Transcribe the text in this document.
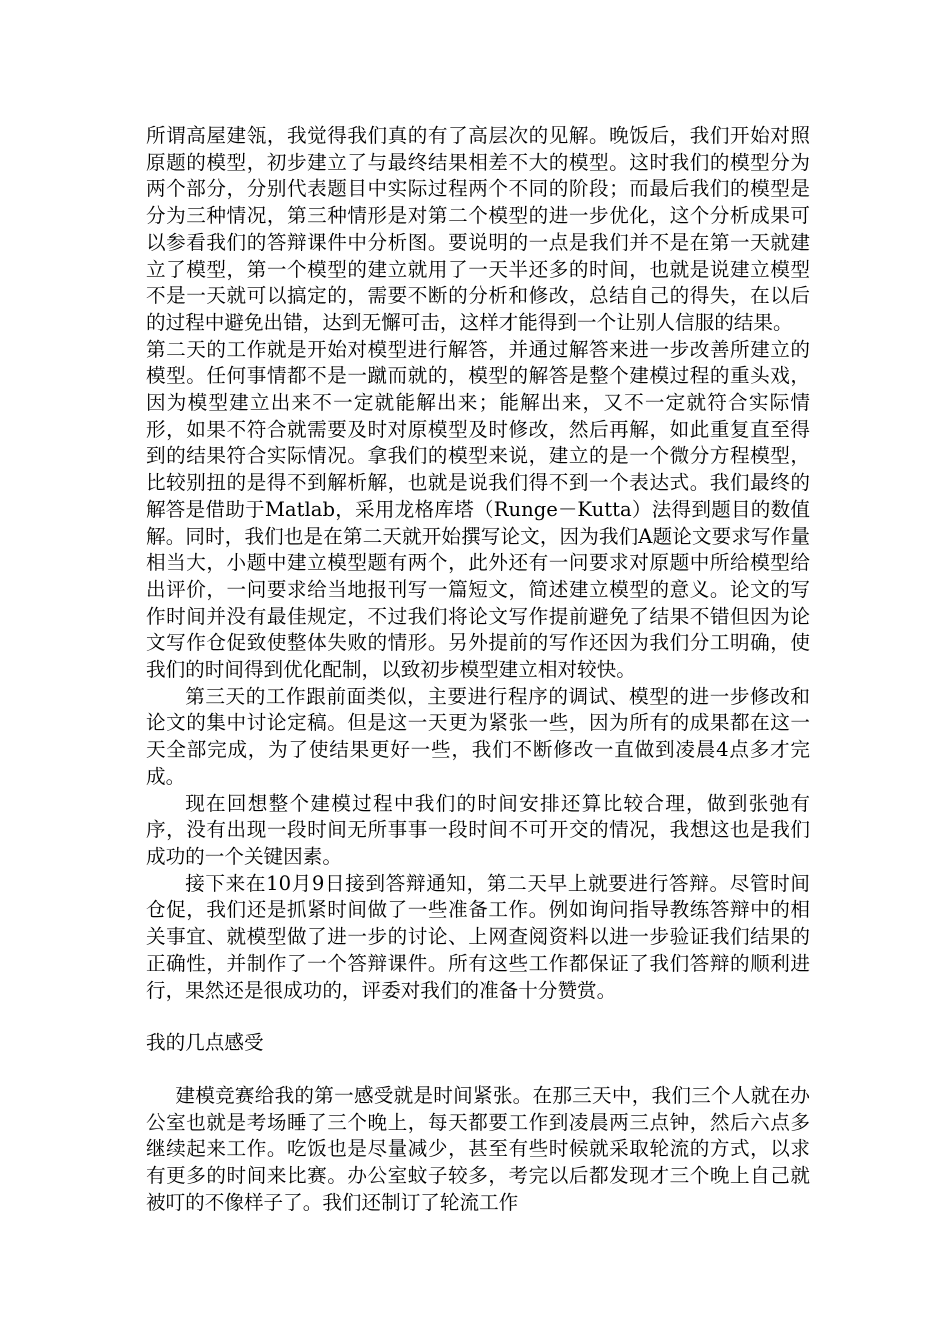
所谓高屋建瓴，我觉得我们真的有了高层次的见解。晚饭后，我们开始对照原题的模型，初步建立了与最终结果相差不大的模型。这时我们的模型分为两个部分，分别代表题目中实际过程两个不同的阶段；而最后我们的模型是分为三种情况，第三种情形是对第二个模型的进一步优化，这个分析成果可以参看我们的答辩课件中分析图。要说明的一点是我们并不是在第一天就建立了模型，第一个模型的建立就用了一天半还多的时间，也就是说建立模型不是一天就可以搞定的，需要不断的分析和修改，总结自己的得失，在以后的过程中避免出错，达到无懈可击，这样才能得到一个让别人信服的结果。

第二天的工作就是开始对模型进行解答，并通过解答来进一步改善所建立的模型。任何事情都不是一蹴而就的，模型的解答是整个建模过程的重头戏，因为模型建立出来不一定就能解出来；能解出来，又不一定就符合实际情形，如果不符合就需要及时对原模型及时修改，然后再解，如此重复直至得到的结果符合实际情况。拿我们的模型来说，建立的是一个微分方程模型，比较别扭的是得不到解析解，也就是说我们得不到一个表达式。我们最终的解答是借助于Matlab，采用龙格库塔（Runge－Kutta）法得到题目的数值解。同时，我们也是在第二天就开始撰写论文，因为我们A题论文要求写作量相当大，小题中建立模型题有两个，此外还有一问要求对原题中所给模型给出评价，一问要求给当地报刊写一篇短文，简述建立模型的意义。论文的写作时间并没有最佳规定，不过我们将论文写作提前避免了结果不错但因为论文写作仓促致使整体失败的情形。另外提前的写作还因为我们分工明确，使我们的时间得到优化配制，以致初步模型建立相对较快。

第三天的工作跟前面类似，主要进行程序的调试、模型的进一步修改和论文的集中讨论定稿。但是这一天更为紧张一些，因为所有的成果都在这一天全部完成，为了使结果更好一些，我们不断修改一直做到凌晨4点多才完成。

现在回想整个建模过程中我们的时间安排还算比较合理，做到张弛有序，没有出现一段时间无所事事一段时间不可开交的情况，我想这也是我们成功的一个关键因素。

接下来在10月9日接到答辩通知，第二天早上就要进行答辩。尽管时间仓促，我们还是抓紧时间做了一些准备工作。例如询问指导教练答辩中的相关事宜、就模型做了进一步的讨论、上网查阅资料以进一步验证我们结果的正确性，并制作了一个答辩课件。所有这些工作都保证了我们答辩的顺利进行，果然还是很成功的，评委对我们的准备十分赞赏。

我的几点感受

建模竞赛给我的第一感受就是时间紧张。在那三天中，我们三个人就在办公室也就是考场睡了三个晚上，每天都要工作到凌晨两三点钟，然后六点多继续起来工作。吃饭也是尽量减少，甚至有些时候就采取轮流的方式，以求有更多的时间来比赛。办公室蚊子较多，考完以后都发现才三个晚上自己就被叮的不像样子了。我们还制订了轮流工作
